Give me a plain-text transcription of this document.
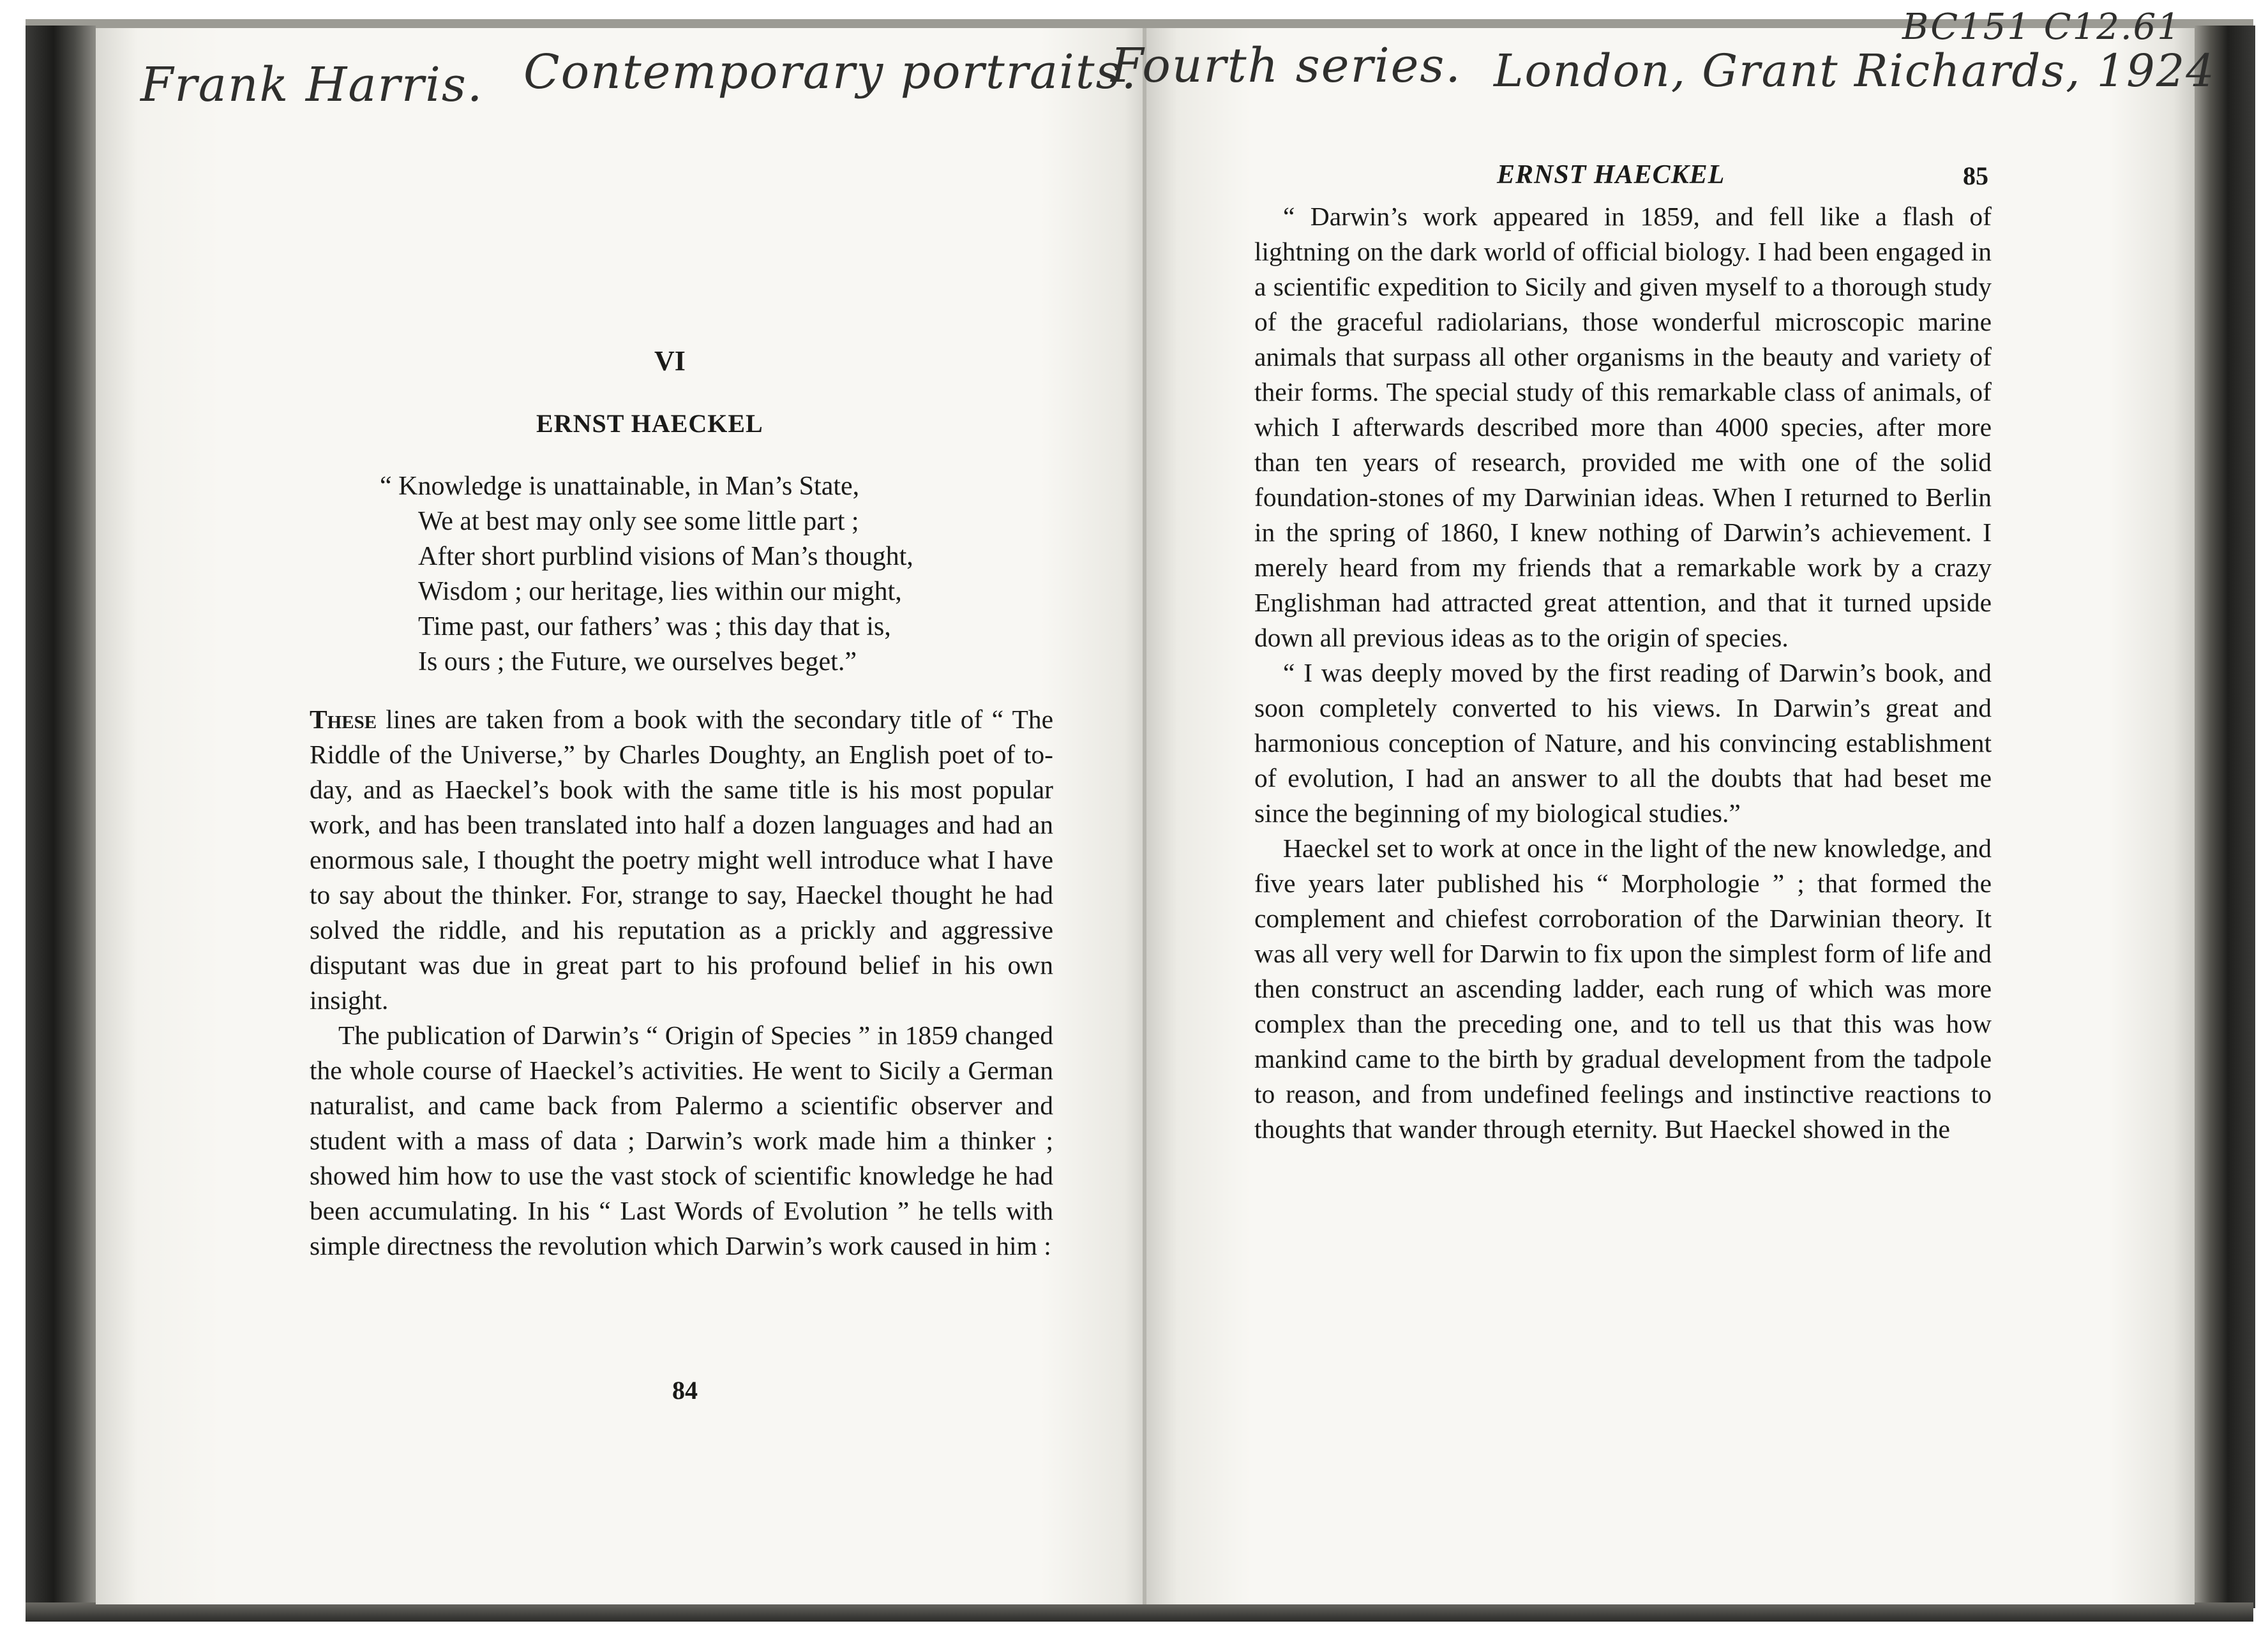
Frank Harris. Contemporary portraits.
Fourth series. London, Grant Richards, 1924
BC151 C12.61
VI
ERNST HAECKEL
“ Knowledge is unattainable, in Man’s State,
We at best may only see some little part ;
After short purblind visions of Man’s thought,
Wisdom ; our heritage, lies within our might,
Time past, our fathers’ was ; this day that is,
Is ours ; the Future, we ourselves beget.”

These lines are taken from a book with the secondary title of “ The Riddle of the Universe,” by Charles Doughty, an English poet of to-day, and as Haeckel’s book with the same title is his most popular work, and has been translated into half a dozen languages and had an enormous sale, I thought the poetry might well introduce what I have to say about the thinker. For, strange to say, Haeckel thought he had solved the riddle, and his reputation as a prickly and aggressive disputant was due in great part to his profound belief in his own insight.

The publication of Darwin’s “ Origin of Species ” in 1859 changed the whole course of Haeckel’s activities. He went to Sicily a German naturalist, and came back from Palermo a scientific observer and student with a mass of data ; Darwin’s work made him a thinker ; showed him how to use the vast stock of scientific knowledge he had been accumulating. In his “ Last Words of Evolution ” he tells with simple directness the revolution which Darwin’s work caused in him :

84
ERNST HAECKEL	85

“ Darwin’s work appeared in 1859, and fell like a flash of lightning on the dark world of official biology. I had been engaged in a scientific expedition to Sicily and given myself to a thorough study of the graceful radiolarians, those wonderful microscopic marine animals that surpass all other organisms in the beauty and variety of their forms. The special study of this remarkable class of animals, of which I afterwards described more than 4000 species, after more than ten years of research, provided me with one of the solid foundation-stones of my Darwinian ideas. When I returned to Berlin in the spring of 1860, I knew nothing of Darwin’s achievement. I merely heard from my friends that a remarkable work by a crazy Englishman had attracted great attention, and that it turned upside down all previous ideas as to the origin of species.

“ I was deeply moved by the first reading of Darwin’s book, and soon completely converted to his views. In Darwin’s great and harmonious conception of Nature, and his convincing establishment of evolution, I had an answer to all the doubts that had beset me since the beginning of my biological studies.”

Haeckel set to work at once in the light of the new knowledge, and five years later published his “ Morphologie ” ; that formed the complement and chiefest corroboration of the Darwinian theory. It was all very well for Darwin to fix upon the simplest form of life and then construct an ascending ladder, each rung of which was more complex than the preceding one, and to tell us that this was how mankind came to the birth by gradual development from the tadpole to reason, and from undefined feelings and instinctive reactions to thoughts that wander through eternity. But Haeckel showed in the
